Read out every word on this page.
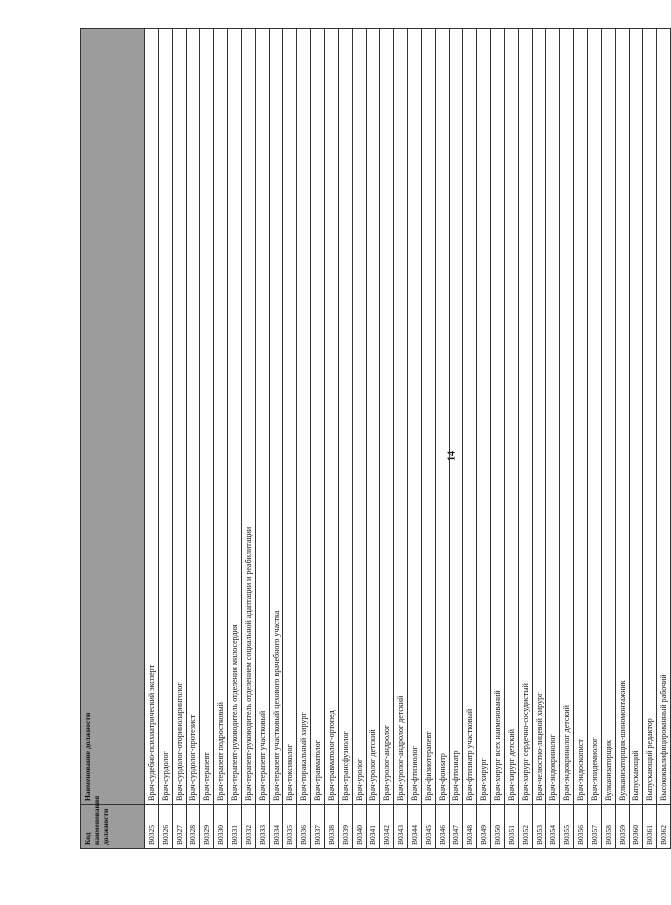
14
Код наименования должности	Наименование должности
B0325	Врач-судебно-психиатрический эксперт
B0326	Врач-сурдолог
B0327	Врач-сурдолог-оториноларинголог
B0328	Врач-сурдолог-протезист
B0329	Врач-терапевт
B0330	Врач-терапевт подростковый
B0331	Врач-терапевт-руководитель отделения милосердия
B0332	Врач-терапевт-руководитель отделением социальной адаптации и реабилитации
B0333	Врач-терапевт участковый
B0334	Врач-терапевт участковый цехового врачебного участка
B0335	Врач-токсиколог
B0336	Врач-торакальный хирург
B0337	Врач-травматолог
B0338	Врач-травматолог-ортопед
B0339	Врач-трансфузиолог
B0340	Врач-уролог
B0341	Врач-уролог детский
B0342	Врач-уролог-андролог
B0343	Врач-уролог-андролог детский
B0344	Врач-фтизиолог
B0345	Врач-физиотерапевт
B0346	Врач-фониатр
B0347	Врач-фтизиатр
B0348	Врач-фтизиатр участковый
B0349	Врач-хирург
B0350	Врач-хирург всех наименований
B0351	Врач-хирург детский
B0352	Врач-хирург сердечно-сосудистый
B0353	Врач-челюстно-лицевой хирург
B0354	Врач-эндокринолог
B0355	Врач-эндокринолог детский
B0356	Врач-эндоскопист
B0357	Врач-эпидемиолог
B0358	Вулканизаторщик
B0359	Вулканизаторщик-шиномонтажник
B0360	Выпускающий
B0361	Выпускающий редактор
B0362	Высококвалифицированный рабочий
